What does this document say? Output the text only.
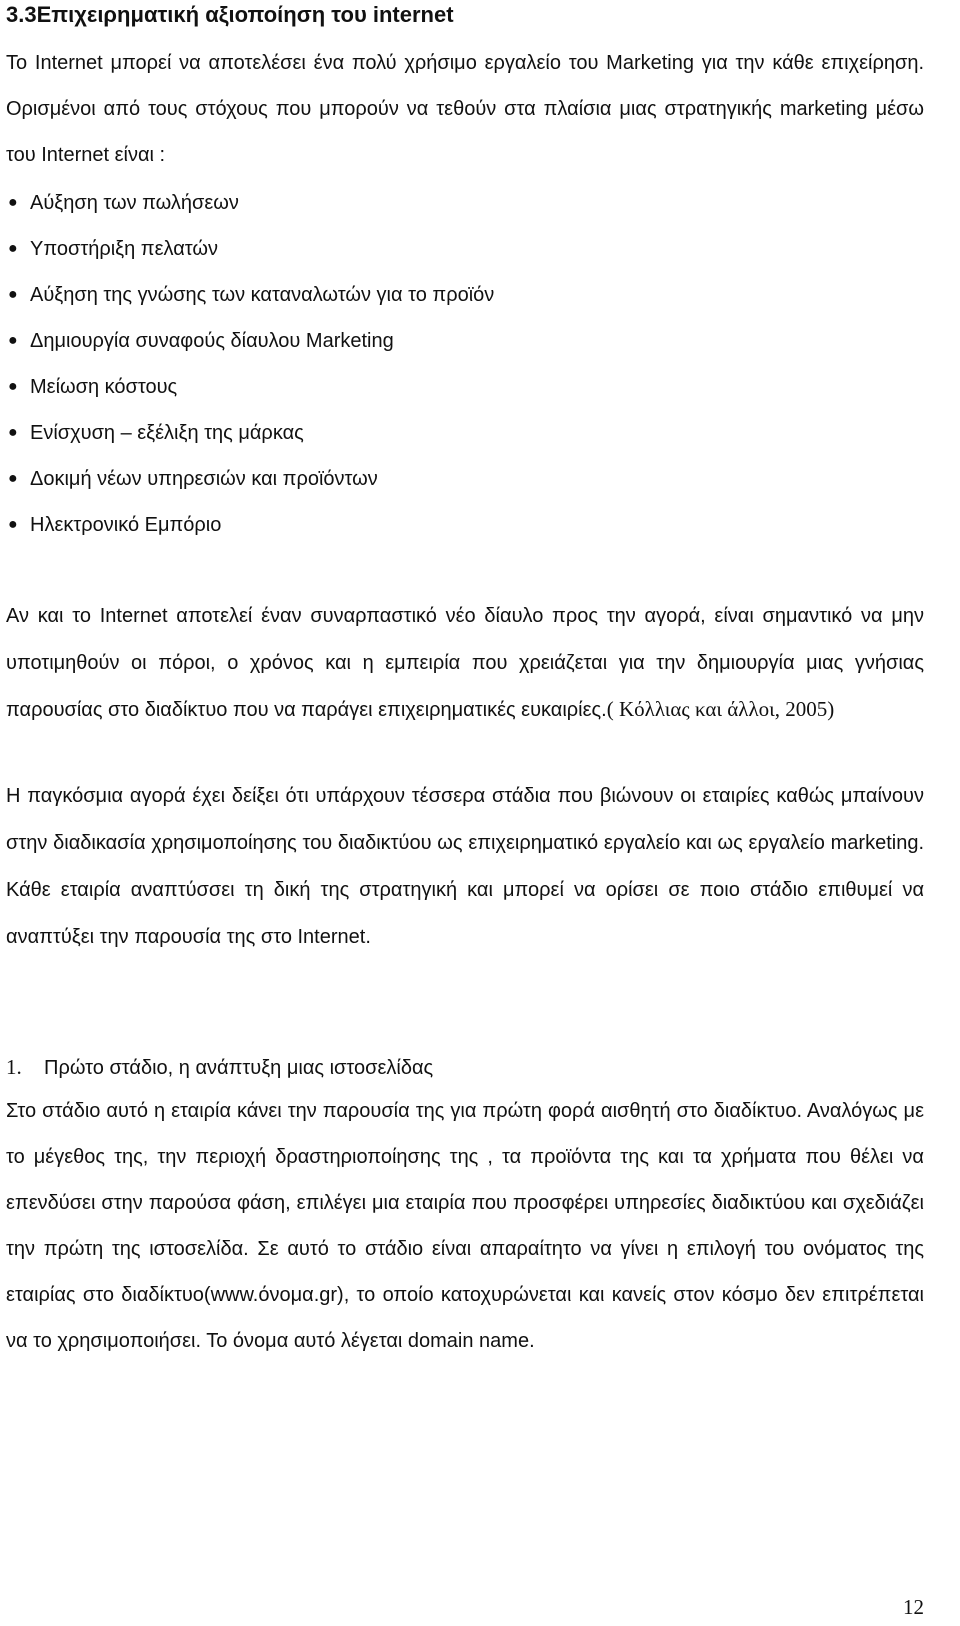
3.3Επιχειρηματική αξιοποίηση του internet

Το Internet μπορεί να αποτελέσει ένα πολύ χρήσιμο εργαλείο του Marketing για την κάθε επιχείρηση. Ορισμένοι από τους στόχους που μπορούν να τεθούν στα πλαίσια μιας στρατηγικής marketing μέσω του Internet είναι :

● Αύξηση των πωλήσεων
● Υποστήριξη πελατών
● Αύξηση της γνώσης των καταναλωτών για το προϊόν
● Δημιουργία συναφούς δίαυλου Marketing
● Μείωση κόστους
● Ενίσχυση – εξέλιξη της μάρκας
● Δοκιμή νέων υπηρεσιών και προϊόντων
● Ηλεκτρονικό Εμπόριο

Αν και το Internet αποτελεί έναν συναρπαστικό νέο δίαυλο προς την αγορά, είναι σημαντικό να μην υποτιμηθούν οι πόροι, ο χρόνος και η εμπειρία που χρειάζεται για την δημιουργία μιας γνήσιας παρουσίας στο διαδίκτυο που να παράγει επιχειρηματικές ευκαιρίες.( Κόλλιας και άλλοι, 2005)

Η παγκόσμια αγορά έχει δείξει ότι υπάρχουν τέσσερα στάδια που βιώνουν οι εταιρίες καθώς μπαίνουν στην διαδικασία χρησιμοποίησης του διαδικτύου ως επιχειρηματικό εργαλείο και ως εργαλείο marketing. Κάθε εταιρία αναπτύσσει τη δική της στρατηγική και μπορεί να ορίσει σε ποιο στάδιο επιθυμεί να αναπτύξει την παρουσία της στο Internet.

1. Πρώτο στάδιο, η ανάπτυξη μιας ιστοσελίδας

Στο στάδιο αυτό η εταιρία κάνει την παρουσία της για πρώτη φορά αισθητή στο διαδίκτυο. Αναλόγως με το μέγεθος της, την περιοχή δραστηριοποίησης της , τα προϊόντα της και τα χρήματα που θέλει να επενδύσει στην παρούσα φάση, επιλέγει μια εταιρία που προσφέρει υπηρεσίες διαδικτύου και σχεδιάζει την πρώτη της ιστοσελίδα. Σε αυτό το στάδιο είναι απαραίτητο να γίνει η επιλογή του ονόματος της εταιρίας στο διαδίκτυο(www.όνομα.gr), το οποίο κατοχυρώνεται και κανείς στον κόσμο δεν επιτρέπεται να το χρησιμοποιήσει. Το όνομα αυτό λέγεται domain name.

12
